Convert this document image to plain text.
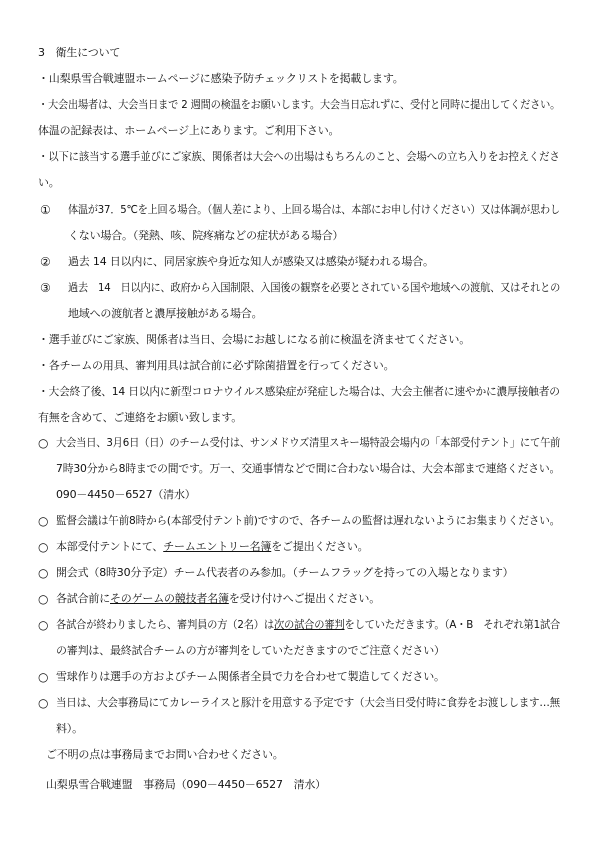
3　衛生について
・山梨県雪合戦連盟ホームページに感染予防チェックリストを掲載します。
・大会出場者は、大会当日まで 2 週間の検温をお願いします。大会当日忘れずに、受付と同時に提出してください。
体温の記録表は、ホームページ上にあります。ご利用下さい。
・以下に該当する選手並びにご家族、関係者は大会への出場はもちろんのこと、会場への立ち入りをお控えくださ
い。
① 体温が37．5℃を上回る場合。（個人差により、上回る場合は、本部にお申し付けください）又は体調が思わし
くない場合。（発熱、咳、院疼痛などの症状がある場合）
② 過去 14 日以内に、同居家族や身近な知人が感染又は感染が疑われる場合。
③ 過去　14　日以内に、政府から入国制限、入国後の観察を必要とされている国や地域への渡航、又はそれとの
地域への渡航者と濃厚接触がある場合。
・選手並びにご家族、関係者は当日、会場にお越しになる前に検温を済ませてください。
・各チームの用具、審判用具は試合前に必ず除菌措置を行ってください。
・大会終了後、14 日以内に新型コロナウイルス感染症が発症した場合は、大会主催者に速やかに濃厚接触者の
有無を含めて、ご連絡をお願い致します。
○ 大会当日、3月6日（日）のチーム受付は、サンメドウズ清里スキー場特設会場内の「本部受付テント」にて午前
7時30分から8時までの間です。万一、交通事情などで間に合わない場合は、大会本部まで連絡ください。
090－4450－6527（清水）
○ 監督会議は午前8時から(本部受付テント前)ですので、各チームの監督は遅れないようにお集まりください。
○ 本部受付テントにて、チームエントリー名簿をご提出ください。
○ 開会式（8時30分予定）チーム代表者のみ参加。（チームフラッグを持っての入場となります）
○ 各試合前にそのゲームの競技者名簿を受け付けへご提出ください。
○ 各試合が終わりましたら、審判員の方（2名）は次の試合の審判をしていただきます。（A・B　それぞれ第1試合
の審判は、最終試合チームの方が審判をしていただきますのでご注意ください）
○ 雪球作りは選手の方およびチーム関係者全員で力を合わせて製造してください。
○ 当日は、大会事務局にてカレーライスと豚汁を用意する予定です（大会当日受付時に食券をお渡しします…無
料）。
ご不明の点は事務局までお問い合わせください。
山梨県雪合戦連盟　事務局（090－4450－6527　清水）
